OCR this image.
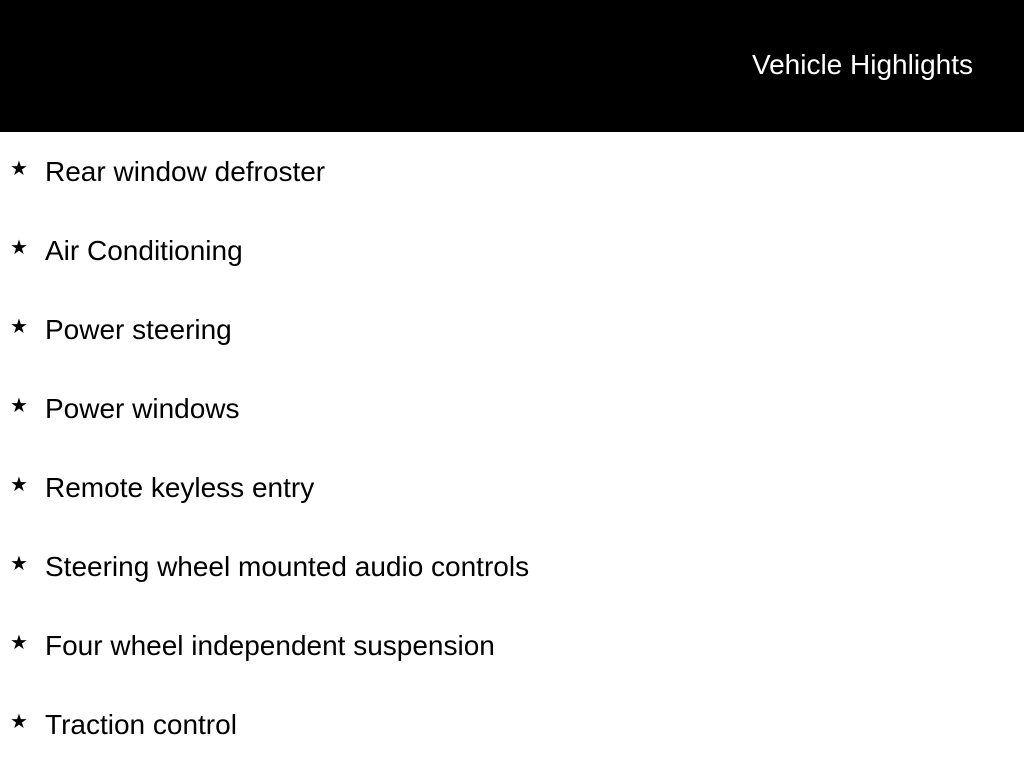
Vehicle Highlights
★ Rear window defroster
★ Air Conditioning
★ Power steering
★ Power windows
★ Remote keyless entry
★ Steering wheel mounted audio controls
★ Four wheel independent suspension
★ Traction control
